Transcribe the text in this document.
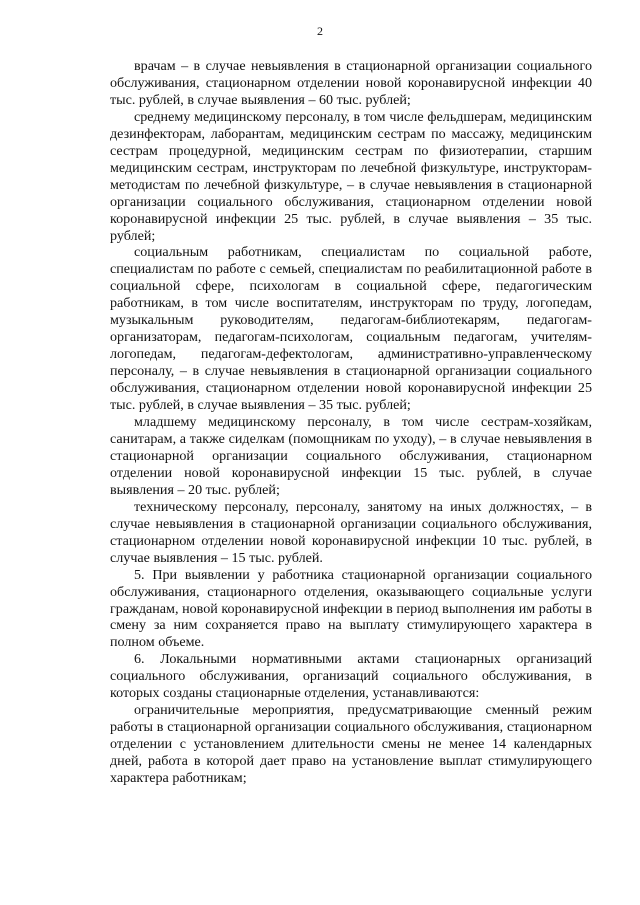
2

врачам – в случае невыявления в стационарной организации социального обслуживания, стационарном отделении новой коронавирусной инфекции 40 тыс. рублей, в случае выявления – 60 тыс. рублей;

среднему медицинскому персоналу, в том числе фельдшерам, медицинским дезинфекторам, лаборантам, медицинским сестрам по массажу, медицинским сестрам процедурной, медицинским сестрам по физиотерапии, старшим медицинским сестрам, инструкторам по лечебной физкультуре, инструкторам-методистам по лечебной физкультуре, – в случае невыявления в стационарной организации социального обслуживания, стационарном отделении новой коронавирусной инфекции 25 тыс. рублей, в случае выявления – 35 тыс. рублей;

социальным работникам, специалистам по социальной работе, специалистам по работе с семьей, специалистам по реабилитационной работе в социальной сфере, психологам в социальной сфере, педагогическим работникам, в том числе воспитателям, инструкторам по труду, логопедам, музыкальным руководителям, педагогам-библиотекарям, педагогам-организаторам, педагогам-психологам, социальным педагогам, учителям-логопедам, педагогам-дефектологам, административно-управленческому персоналу, – в случае невыявления в стационарной организации социального обслуживания, стационарном отделении новой коронавирусной инфекции 25 тыс. рублей, в случае выявления – 35 тыс. рублей;

младшему медицинскому персоналу, в том числе сестрам-хозяйкам, санитарам, а также сиделкам (помощникам по уходу), – в случае невыявления в стационарной организации социального обслуживания, стационарном отделении новой коронавирусной инфекции 15 тыс. рублей, в случае выявления – 20 тыс. рублей;

техническому персоналу, персоналу, занятому на иных должностях, – в случае невыявления в стационарной организации социального обслуживания, стационарном отделении новой коронавирусной инфекции 10 тыс. рублей, в случае выявления – 15 тыс. рублей.

5. При выявлении у работника стационарной организации социального обслуживания, стационарного отделения, оказывающего социальные услуги гражданам, новой коронавирусной инфекции в период выполнения им работы в смену за ним сохраняется право на выплату стимулирующего характера в полном объеме.

6. Локальными нормативными актами стационарных организаций социального обслуживания, организаций социального обслуживания, в которых созданы стационарные отделения, устанавливаются:

ограничительные мероприятия, предусматривающие сменный режим работы в стационарной организации социального обслуживания, стационарном отделении с установлением длительности смены не менее 14 календарных дней, работа в которой дает право на установление выплат стимулирующего характера работникам;
